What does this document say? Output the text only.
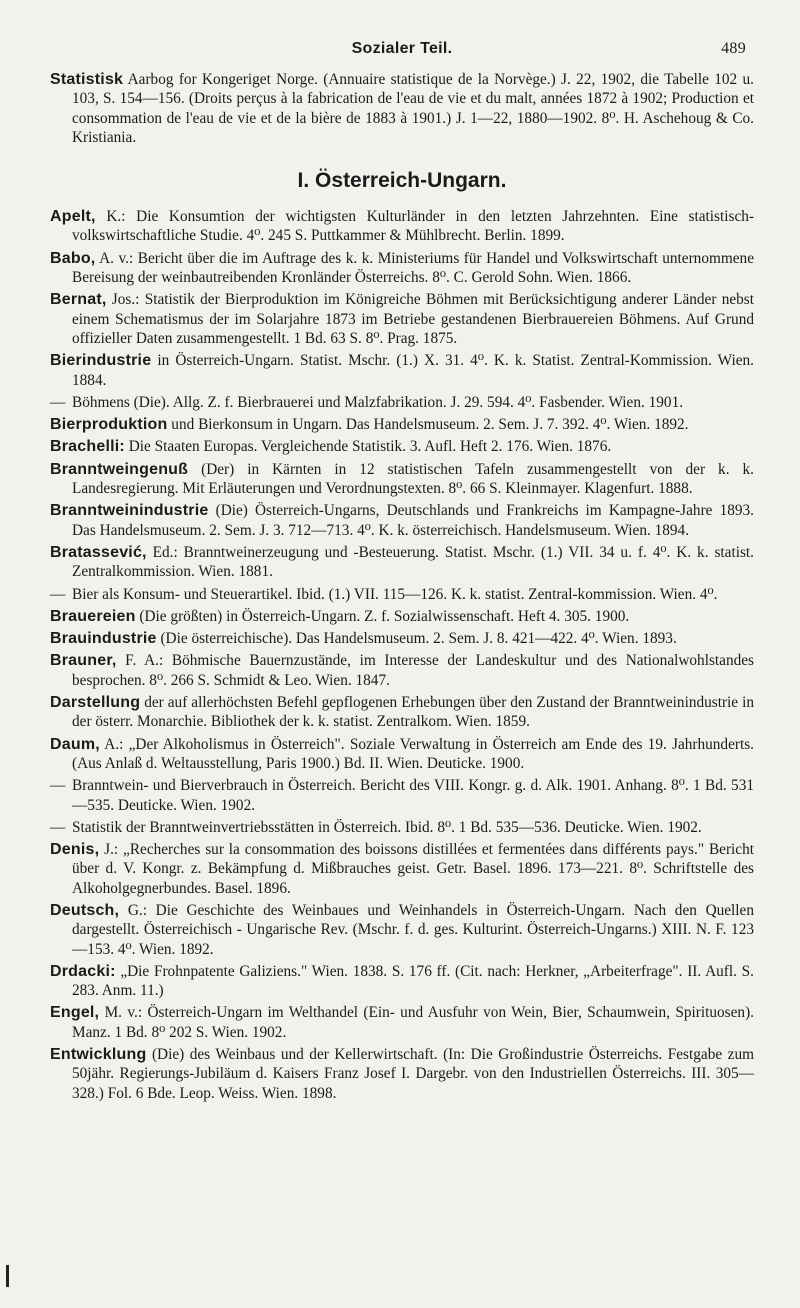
Sozialer Teil.	489

Statistisk Aarbog for Kongeriget Norge. (Annuaire statistique de la Norvège.) J. 22, 1902, die Tabelle 102 u. 103, S. 154—156. (Droits perçus à la fabrication de l'eau de vie et du malt, années 1872 à 1902; Production et consommation de l'eau de vie et de la bière de 1883 à 1901.) J. 1—22, 1880—1902. 8⁰. H. Aschehoug & Co. Kristiania.

I. Österreich-Ungarn.

Apelt, K.: Die Konsumtion der wichtigsten Kulturländer in den letzten Jahrzehnten. Eine statistisch-volkswirtschaftliche Studie. 4⁰. 245 S. Puttkammer & Mühlbrecht. Berlin. 1899.

Babo, A. v.: Bericht über die im Auftrage des k. k. Ministeriums für Handel und Volkswirtschaft unternommene Bereisung der weinbautreibenden Kronländer Österreichs. 8⁰. C. Gerold Sohn. Wien. 1866.

Bernat, Jos.: Statistik der Bierproduktion im Königreiche Böhmen mit Berücksichtigung anderer Länder nebst einem Schematismus der im Solarjahre 1873 im Betriebe gestandenen Bierbrauereien Böhmens. Auf Grund offizieller Daten zusammengestellt. 1 Bd. 63 S. 8⁰. Prag. 1875.

Bierindustrie in Österreich-Ungarn. Statist. Mschr. (1.) X. 31. 4⁰. K. k. Statist. Zentral-Kommission. Wien. 1884.

— Böhmens (Die). Allg. Z. f. Bierbrauerei und Malzfabrikation. J. 29. 594. 4⁰. Fasbender. Wien. 1901.

Bierproduktion und Bierkonsum in Ungarn. Das Handelsmuseum. 2. Sem. J. 7. 392. 4⁰. Wien. 1892.

Brachelli: Die Staaten Europas. Vergleichende Statistik. 3. Aufl. Heft 2. 176. Wien. 1876.

Branntweingenuß (Der) in Kärnten in 12 statistischen Tafeln zusammengestellt von der k. k. Landesregierung. Mit Erläuterungen und Verordnungstexten. 8⁰. 66 S. Kleinmayer. Klagenfurt. 1888.

Branntweinindustrie (Die) Österreich-Ungarns, Deutschlands und Frankreichs im Kampagne-Jahre 1893. Das Handelsmuseum. 2. Sem. J. 3. 712—713. 4⁰. K. k. österreichisch. Handelsmuseum. Wien. 1894.

Bratassević, Ed.: Branntweinerzeugung und -Besteuerung. Statist. Mschr. (1.) VII. 34 u. f. 4⁰. K. k. statist. Zentralkommission. Wien. 1881.

— Bier als Konsum- und Steuerartikel. Ibid. (1.) VII. 115—126. K. k. statist. Zentral-kommission. Wien. 4⁰.

Brauereien (Die größten) in Österreich-Ungarn. Z. f. Sozialwissenschaft. Heft 4. 305. 1900.

Brauindustrie (Die österreichische). Das Handelsmuseum. 2. Sem. J. 8. 421—422. 4⁰. Wien. 1893.

Brauner, F. A.: Böhmische Bauernzustände, im Interesse der Landeskultur und des Nationalwohlstandes besprochen. 8⁰. 266 S. Schmidt & Leo. Wien. 1847.

Darstellung der auf allerhöchsten Befehl gepflogenen Erhebungen über den Zustand der Branntweinindustrie in der österr. Monarchie. Bibliothek der k. k. statist. Zentralkom. Wien. 1859.

Daum, A.: „Der Alkoholismus in Österreich". Soziale Verwaltung in Österreich am Ende des 19. Jahrhunderts. (Aus Anlaß d. Weltausstellung, Paris 1900.) Bd. II. Wien. Deuticke. 1900.

— Branntwein- und Bierverbrauch in Österreich. Bericht des VIII. Kongr. g. d. Alk. 1901. Anhang. 8⁰. 1 Bd. 531—535. Deuticke. Wien. 1902.

— Statistik der Branntweinvertriebsstätten in Österreich. Ibid. 8⁰. 1 Bd. 535—536. Deuticke. Wien. 1902.

Denis, J.: „Recherches sur la consommation des boissons distillées et fermentées dans différents pays." Bericht über d. V. Kongr. z. Bekämpfung d. Mißbrauches geist. Getr. Basel. 1896. 173—221. 8⁰. Schriftstelle des Alkoholgegnerbundes. Basel. 1896.

Deutsch, G.: Die Geschichte des Weinbaues und Weinhandels in Österreich-Ungarn. Nach den Quellen dargestellt. Österreichisch - Ungarische Rev. (Mschr. f. d. ges. Kulturint. Österreich-Ungarns.) XIII. N. F. 123—153. 4⁰. Wien. 1892.

Drdacki: „Die Frohnpatente Galiziens." Wien. 1838. S. 176 ff. (Cit. nach: Herkner, „Arbeiterfrage". II. Aufl. S. 283. Anm. 11.)

Engel, M. v.: Österreich-Ungarn im Welthandel (Ein- und Ausfuhr von Wein, Bier, Schaumwein, Spirituosen). Manz. 1 Bd. 8⁰ 202 S. Wien. 1902.

Entwicklung (Die) des Weinbaus und der Kellerwirtschaft. (In: Die Großindustrie Österreichs. Festgabe zum 50jähr. Regierungs-Jubiläum d. Kaisers Franz Josef I. Dargebr. von den Industriellen Österreichs. III. 305—328.) Fol. 6 Bde. Leop. Weiss. Wien. 1898.
